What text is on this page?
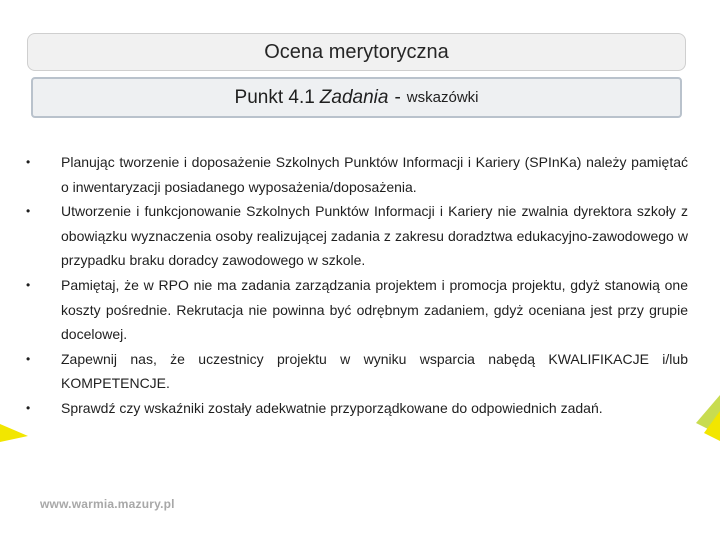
Ocena merytoryczna
Punkt 4.1 Zadania - wskazówki
•	Planując tworzenie i doposażenie Szkolnych Punktów Informacji i Kariery (SPInKa) należy pamiętać o inwentaryzacji posiadanego wyposażenia/doposażenia.
•	Utworzenie i funkcjonowanie Szkolnych Punktów Informacji i Kariery nie zwalnia dyrektora szkoły z obowiązku wyznaczenia osoby realizującej zadania z zakresu doradztwa edukacyjno-zawodowego w przypadku braku doradcy zawodowego w szkole.
•	Pamiętaj, że w RPO nie ma zadania zarządzania projektem i promocja projektu, gdyż stanowią one koszty pośrednie. Rekrutacja nie powinna być odrębnym zadaniem, gdyż oceniana jest przy grupie docelowej.
•	Zapewnij nas, że uczestnicy projektu w wyniku wsparcia nabędą KWALIFIKACJE i/lub KOMPETENCJE.
•	Sprawdź czy wskaźniki zostały adekwatnie przyporządkowane do odpowiednich zadań.
www.warmia.mazury.pl
